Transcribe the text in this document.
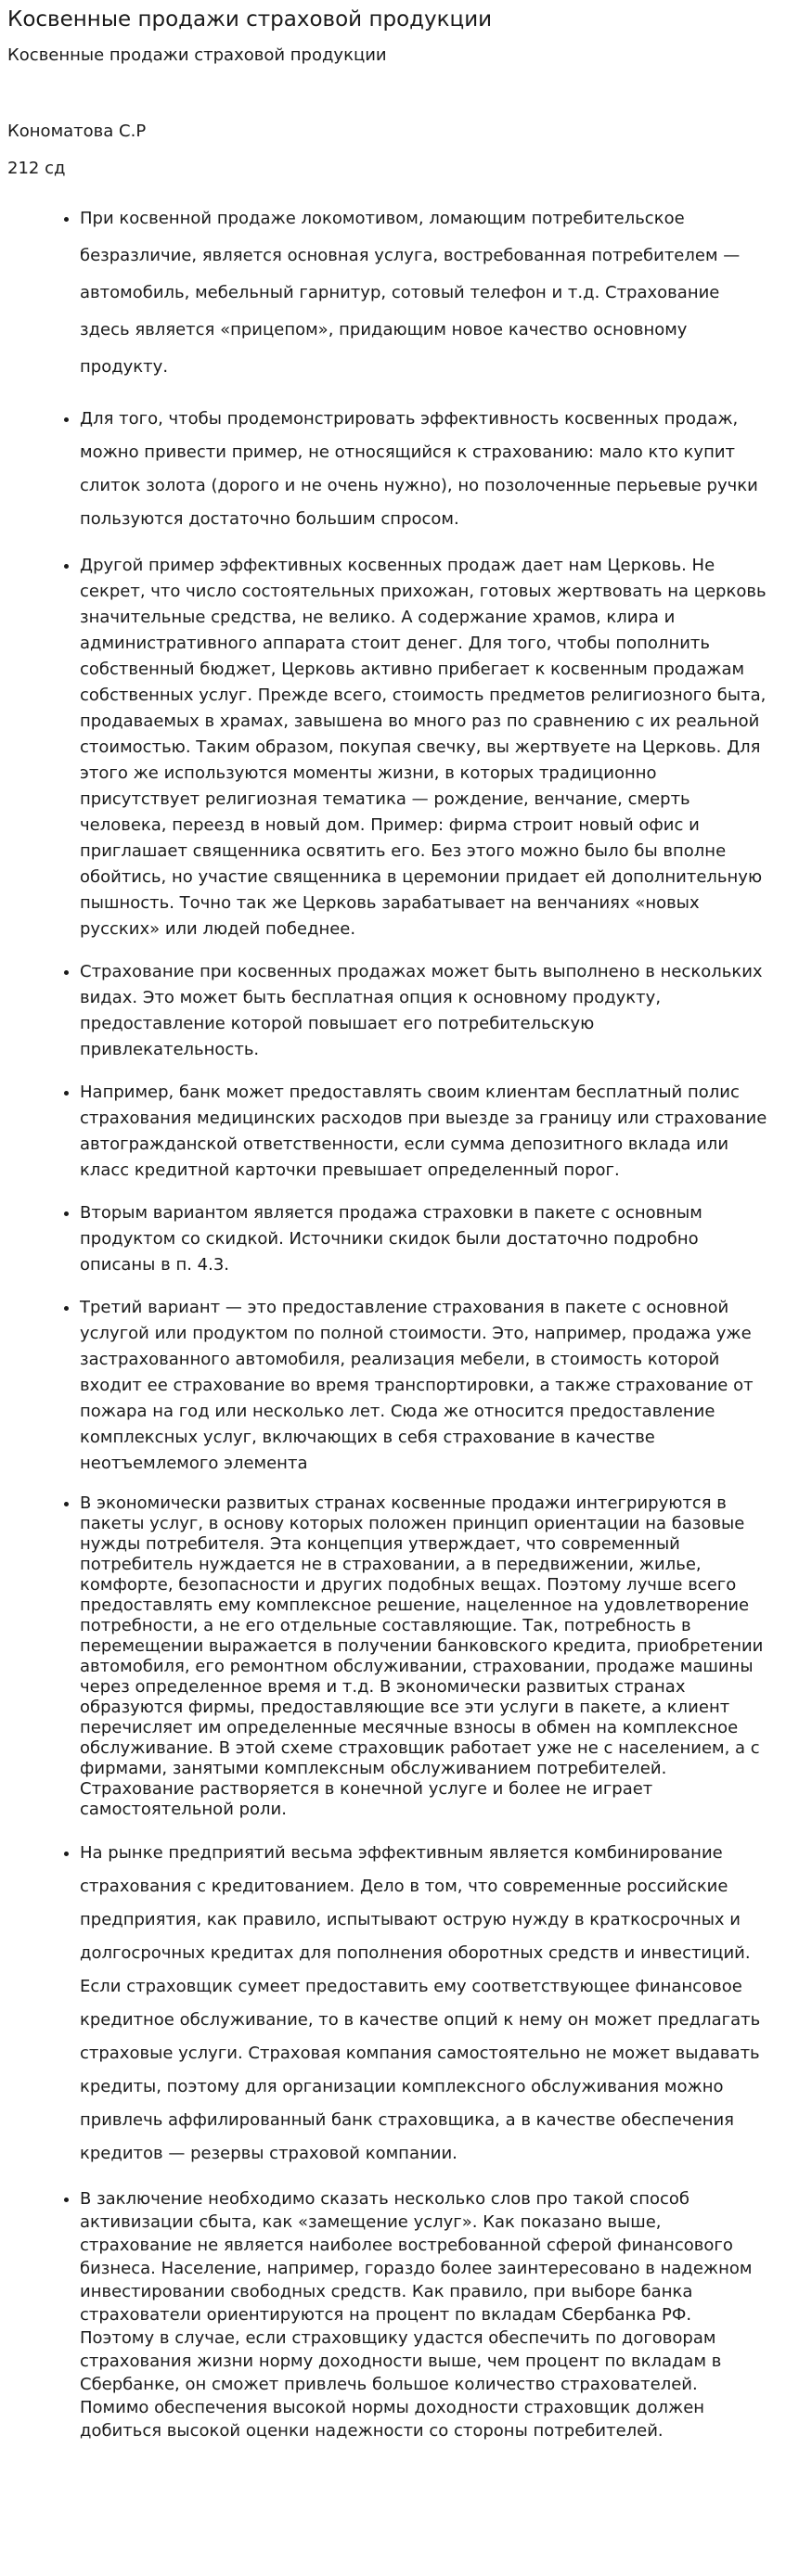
Косвенные продажи страховой продукции
Косвенные продажи страховой продукции
Кономатова С.Р
212 сд
• При косвенной продаже локомотивом, ломающим потребительское безразличие, является основная услуга, востребованная потребителем — автомобиль, мебельный гарнитур, сотовый телефон и т.д. Страхование здесь является «прицепом», придающим новое качество основному продукту.
• Для того, чтобы продемонстрировать эффективность косвенных продаж, можно привести пример, не относящийся к страхованию: мало кто купит слиток золота (дорого и не очень нужно), но позолоченные перьевые ручки пользуются достаточно большим спросом.
• Другой пример эффективных косвенных продаж дает нам Церковь. Не секрет, что число состоятельных прихожан, готовых жертвовать на церковь значительные средства, не велико. А содержание храмов, клира и административного аппарата стоит денег. Для того, чтобы пополнить собственный бюджет, Церковь активно прибегает к косвенным продажам собственных услуг. Прежде всего, стоимость предметов религиозного быта, продаваемых в храмах, завышена во много раз по сравнению с их реальной стоимостью. Таким образом, покупая свечку, вы жертвуете на Церковь. Для этого же используются моменты жизни, в которых традиционно присутствует религиозная тематика — рождение, венчание, смерть человека, переезд в новый дом. Пример: фирма строит новый офис и приглашает священника освятить его. Без этого можно было бы вполне обойтись, но участие священника в церемонии придает ей дополнительную пышность. Точно так же Церковь зарабатывает на венчаниях «новых русских» или людей победнее.
• Страхование при косвенных продажах может быть выполнено в нескольких видах. Это может быть бесплатная опция к основному продукту, предоставление которой повышает его потребительскую привлекательность.
• Например, банк может предоставлять своим клиентам бесплатный полис страхования медицинских расходов при выезде за границу или страхование автогражданской ответственности, если сумма депозитного вклада или класс кредитной карточки превышает определенный порог.
• Вторым вариантом является продажа страховки в пакете с основным продуктом со скидкой. Источники скидок были достаточно подробно описаны в п. 4.3.
• Третий вариант — это предоставление страхования в пакете с основной услугой или продуктом по полной стоимости. Это, например, продажа уже застрахованного автомобиля, реализация мебели, в стоимость которой входит ее страхование во время транспортировки, а также страхование от пожара на год или несколько лет. Сюда же относится предоставление комплексных услуг, включающих в себя страхование в качестве неотъемлемого элемента
• В экономически развитых странах косвенные продажи интегрируются в пакеты услуг, в основу которых положен принцип ориентации на базовые нужды потребителя. Эта концепция утверждает, что современный потребитель нуждается не в страховании, а в передвижении, жилье, комфорте, безопасности и других подобных вещах. Поэтому лучше всего предоставлять ему комплексное решение, нацеленное на удовлетворение потребности, а не его отдельные составляющие. Так, потребность в перемещении выражается в получении банковского кредита, приобретении автомобиля, его ремонтном обслуживании, страховании, продаже машины через определенное время и т.д. В экономически развитых странах образуются фирмы, предоставляющие все эти услуги в пакете, а клиент перечисляет им определенные месячные взносы в обмен на комплексное обслуживание. В этой схеме страховщик работает уже не с населением, а с фирмами, занятыми комплексным обслуживанием потребителей. Страхование растворяется в конечной услуге и более не играет самостоятельной роли.
• На рынке предприятий весьма эффективным является комбинирование страхования с кредитованием. Дело в том, что современные российские предприятия, как правило, испытывают острую нужду в краткосрочных и долгосрочных кредитах для пополнения оборотных средств и инвестиций. Если страховщик сумеет предоставить ему соответствующее финансовое кредитное обслуживание, то в качестве опций к нему он может предлагать страховые услуги. Страховая компания самостоятельно не может выдавать кредиты, поэтому для организации комплексного обслуживания можно привлечь аффилированный банк страховщика, а в качестве обеспечения кредитов — резервы страховой компании.
• В заключение необходимо сказать несколько слов про такой способ активизации сбыта, как «замещение услуг». Как показано выше, страхование не является наиболее востребованной сферой финансового бизнеса. Население, например, гораздо более заинтересовано в надежном инвестировании свободных средств. Как правило, при выборе банка страхователи ориентируются на процент по вкладам Сбербанка РФ. Поэтому в случае, если страховщику удастся обеспечить по договорам страхования жизни норму доходности выше, чем процент по вкладам в Сбербанке, он сможет привлечь большое количество страхователей. Помимо обеспечения высокой нормы доходности страховщик должен добиться высокой оценки надежности со стороны потребителей.
